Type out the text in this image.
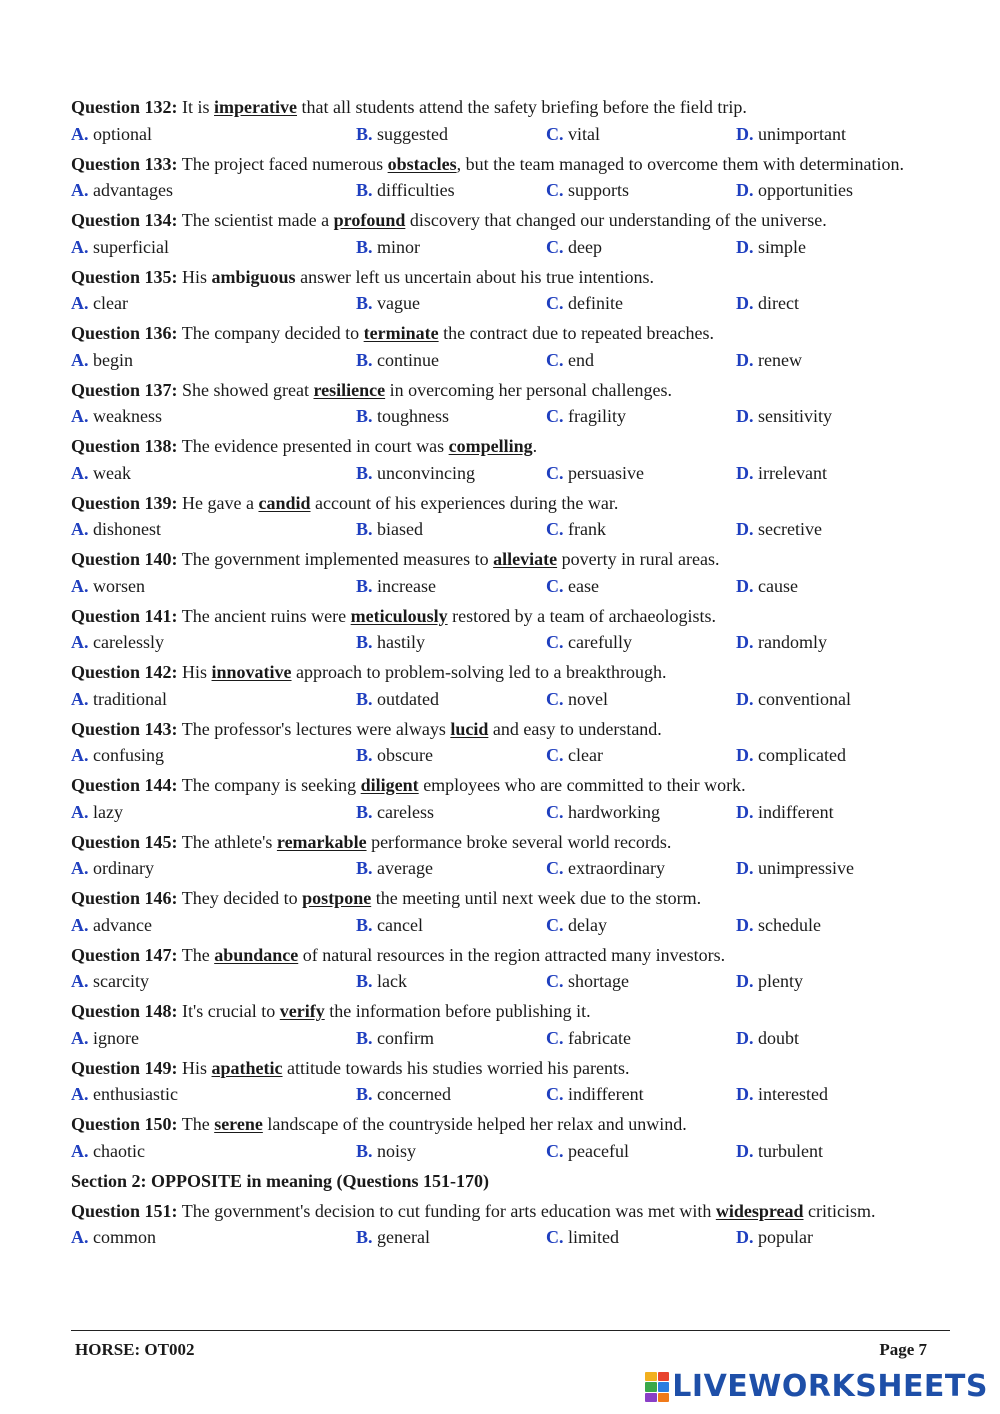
Question 132: It is imperative that all students attend the safety briefing before the field trip.

A. optional	B. suggested	C. vital	D. unimportant

Question 133: The project faced numerous obstacles, but the team managed to overcome them with determination.

A. advantages	B. difficulties	C. supports	D. opportunities

Question 134: The scientist made a profound discovery that changed our understanding of the universe.

A. superficial	B. minor	C. deep	D. simple

Question 135: His ambiguous answer left us uncertain about his true intentions.

A. clear	B. vague	C. definite	D. direct

Question 136: The company decided to terminate the contract due to repeated breaches.

A. begin	B. continue	C. end	D. renew

Question 137: She showed great resilience in overcoming her personal challenges.

A. weakness	B. toughness	C. fragility	D. sensitivity

Question 138: The evidence presented in court was compelling.

A. weak	B. unconvincing	C. persuasive	D. irrelevant

Question 139: He gave a candid account of his experiences during the war.

A. dishonest	B. biased	C. frank	D. secretive

Question 140: The government implemented measures to alleviate poverty in rural areas.

A. worsen	B. increase	C. ease	D. cause

Question 141: The ancient ruins were meticulously restored by a team of archaeologists.

A. carelessly	B. hastily	C. carefully	D. randomly

Question 142: His innovative approach to problem-solving led to a breakthrough.

A. traditional	B. outdated	C. novel	D. conventional

Question 143: The professor's lectures were always lucid and easy to understand.

A. confusing	B. obscure	C. clear	D. complicated

Question 144: The company is seeking diligent employees who are committed to their work.

A. lazy	B. careless	C. hardworking	D. indifferent

Question 145: The athlete's remarkable performance broke several world records.

A. ordinary	B. average	C. extraordinary	D. unimpressive

Question 146: They decided to postpone the meeting until next week due to the storm.

A. advance	B. cancel	C. delay	D. schedule

Question 147: The abundance of natural resources in the region attracted many investors.

A. scarcity	B. lack	C. shortage	D. plenty

Question 148: It's crucial to verify the information before publishing it.

A. ignore	B. confirm	C. fabricate	D. doubt

Question 149: His apathetic attitude towards his studies worried his parents.

A. enthusiastic	B. concerned	C. indifferent	D. interested

Question 150: The serene landscape of the countryside helped her relax and unwind.

A. chaotic	B. noisy	C. peaceful	D. turbulent
Section 2: OPPOSITE in meaning (Questions 151-170)

Question 151: The government's decision to cut funding for arts education was met with widespread criticism.

A. common	B. general	C. limited	D. popular
HORSE: OT002	Page 7
LIVEWORKSHEETS
